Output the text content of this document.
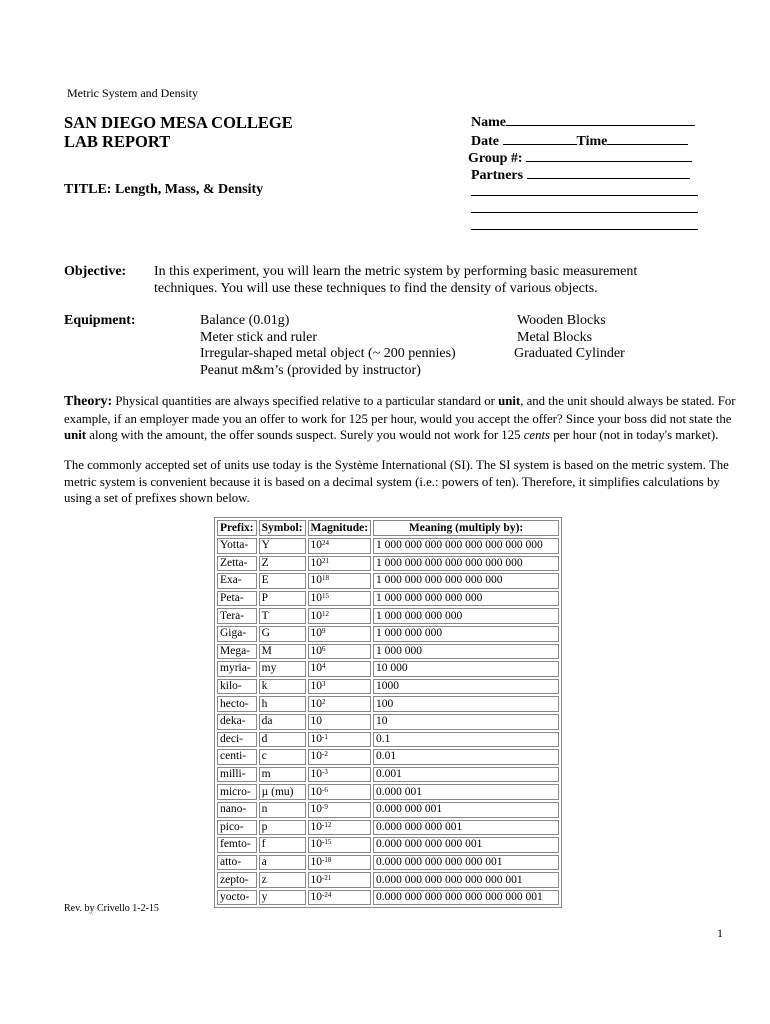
Metric System and Density
SAN DIEGO MESA COLLEGE
LAB REPORT
TITLE: Length, Mass, & Density
Name
Date	Time
Group #:
Partners
Objective: In this experiment, you will learn the metric system by performing basic measurement
techniques. You will use these techniques to find the density of various objects.
Equipment:	Balance (0.01g)
Meter stick and ruler
Irregular-shaped metal object (~ 200 pennies)
Peanut m&m’s (provided by instructor)
Wooden Blocks
Metal Blocks
Graduated Cylinder
Theory: Physical quantities are always specified relative to a particular standard or unit, and the unit should always be stated. For example, if an employer made you an offer to work for 125 per hour, would you accept the offer? Since your boss did not state the unit along with the amount, the offer sounds suspect. Surely you would not work for 125 cents per hour (not in today's market).
The commonly accepted set of units use today is the Système International (SI). The SI system is based on the metric system. The metric system is convenient because it is based on a decimal system (i.e.: powers of ten). Therefore, it simplifies calculations by using a set of prefixes shown below.
Prefix:	Symbol:	Magnitude:	Meaning (multiply by):
Yotta-	Y	$10^{24}$	1 000 000 000 000 000 000 000 000
Zetta-	Z	$10^{21}$	1 000 000 000 000 000 000 000
Exa-	E	$10^{18}$	1 000 000 000 000 000 000
Peta-	P	$10^{15}$	1 000 000 000 000 000
Tera-	T	$10^{12}$	1 000 000 000 000
Giga-	G	$10^9$	1 000 000 000
Mega-	M	$10^6$	1 000 000
myria-	my	$10^4$	10 000
kilo-	k	$10^3$	1000
hecto-	h	$10^2$	100
deka-	da	10	10
deci-	d	$10^{-1}$	0.1
centi-	c	$10^{-2}$	0.01
milli-	m	$10^{-3}$	0.001
micro-	µ (mu)	$10^{-6}$	0.000 001
nano-	n	$10^{-9}$	0.000 000 001
pico-	p	$10^{-12}$	0.000 000 000 001
femto-	f	$10^{-15}$	0.000 000 000 000 001
atto-	a	$10^{-18}$	0.000 000 000 000 000 001
zepto-	z	$10^{-21}$	0.000 000 000 000 000 000 001
yocto-	y	$10^{-24}$	0.000 000 000 000 000 000 000 001
Rev. by Crivello 1-2-15
1
